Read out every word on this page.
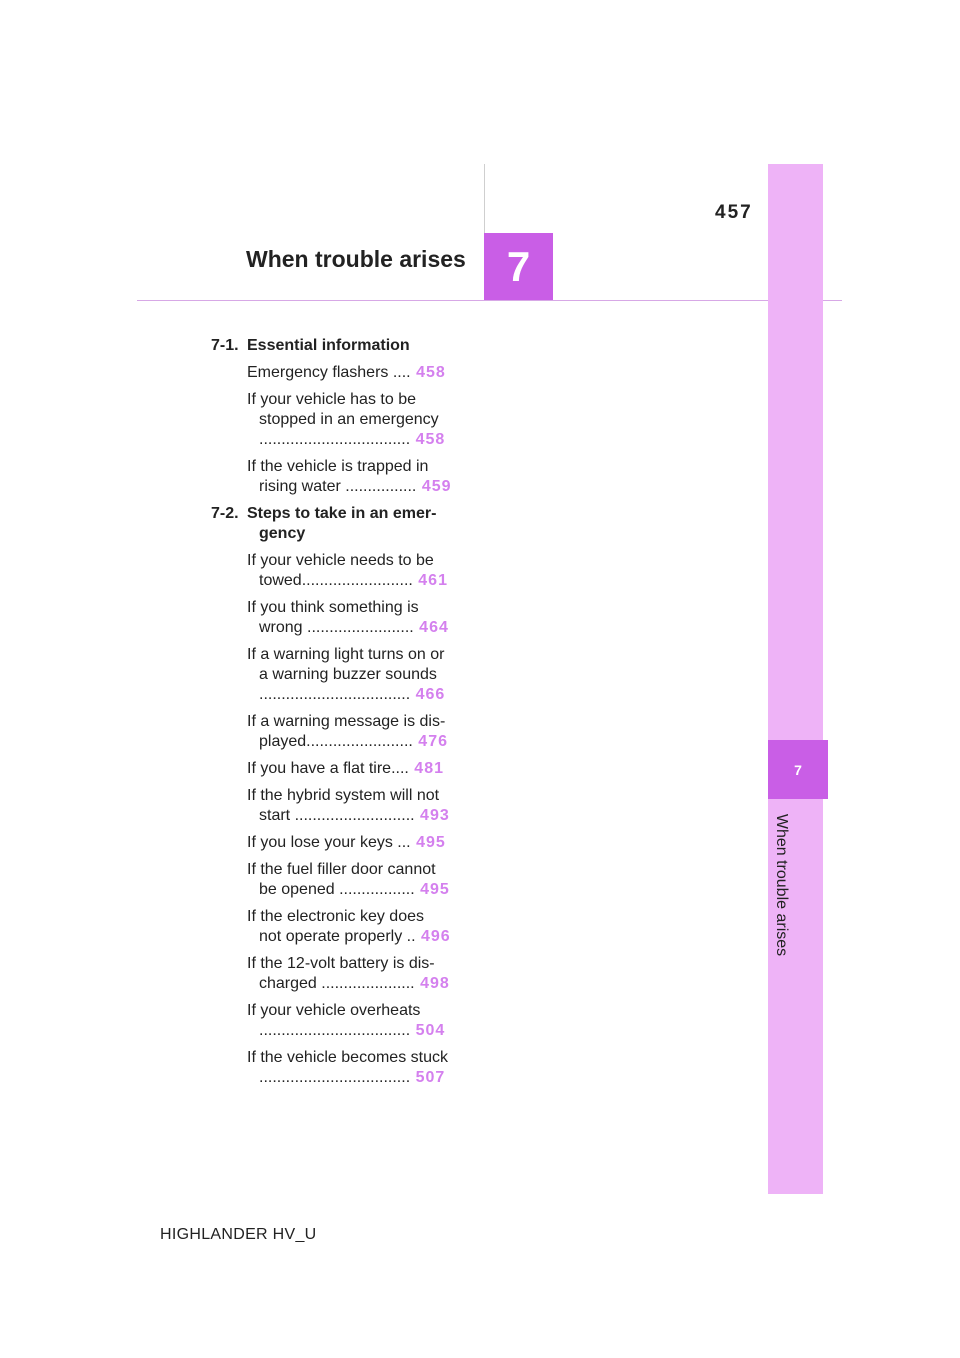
457
When trouble arises 7
7
When trouble arises
7-1. Essential information
Emergency flashers .... 458
If your vehicle has to be
stopped in an emergency
.................................. 458
If the vehicle is trapped in
rising water ................ 459
7-2. Steps to take in an emer-
gency
If your vehicle needs to be
towed......................... 461
If you think something is
wrong ........................ 464
If a warning light turns on or
a warning buzzer sounds
.................................. 466
If a warning message is dis-
played........................ 476
If you have a flat tire.... 481
If the hybrid system will not
start ........................... 493
If you lose your keys ... 495
If the fuel filler door cannot
be opened ................. 495
If the electronic key does
not operate properly .. 496
If the 12-volt battery is dis-
charged ..................... 498
If your vehicle overheats
.................................. 504
If the vehicle becomes stuck
.................................. 507
HIGHLANDER HV_U
